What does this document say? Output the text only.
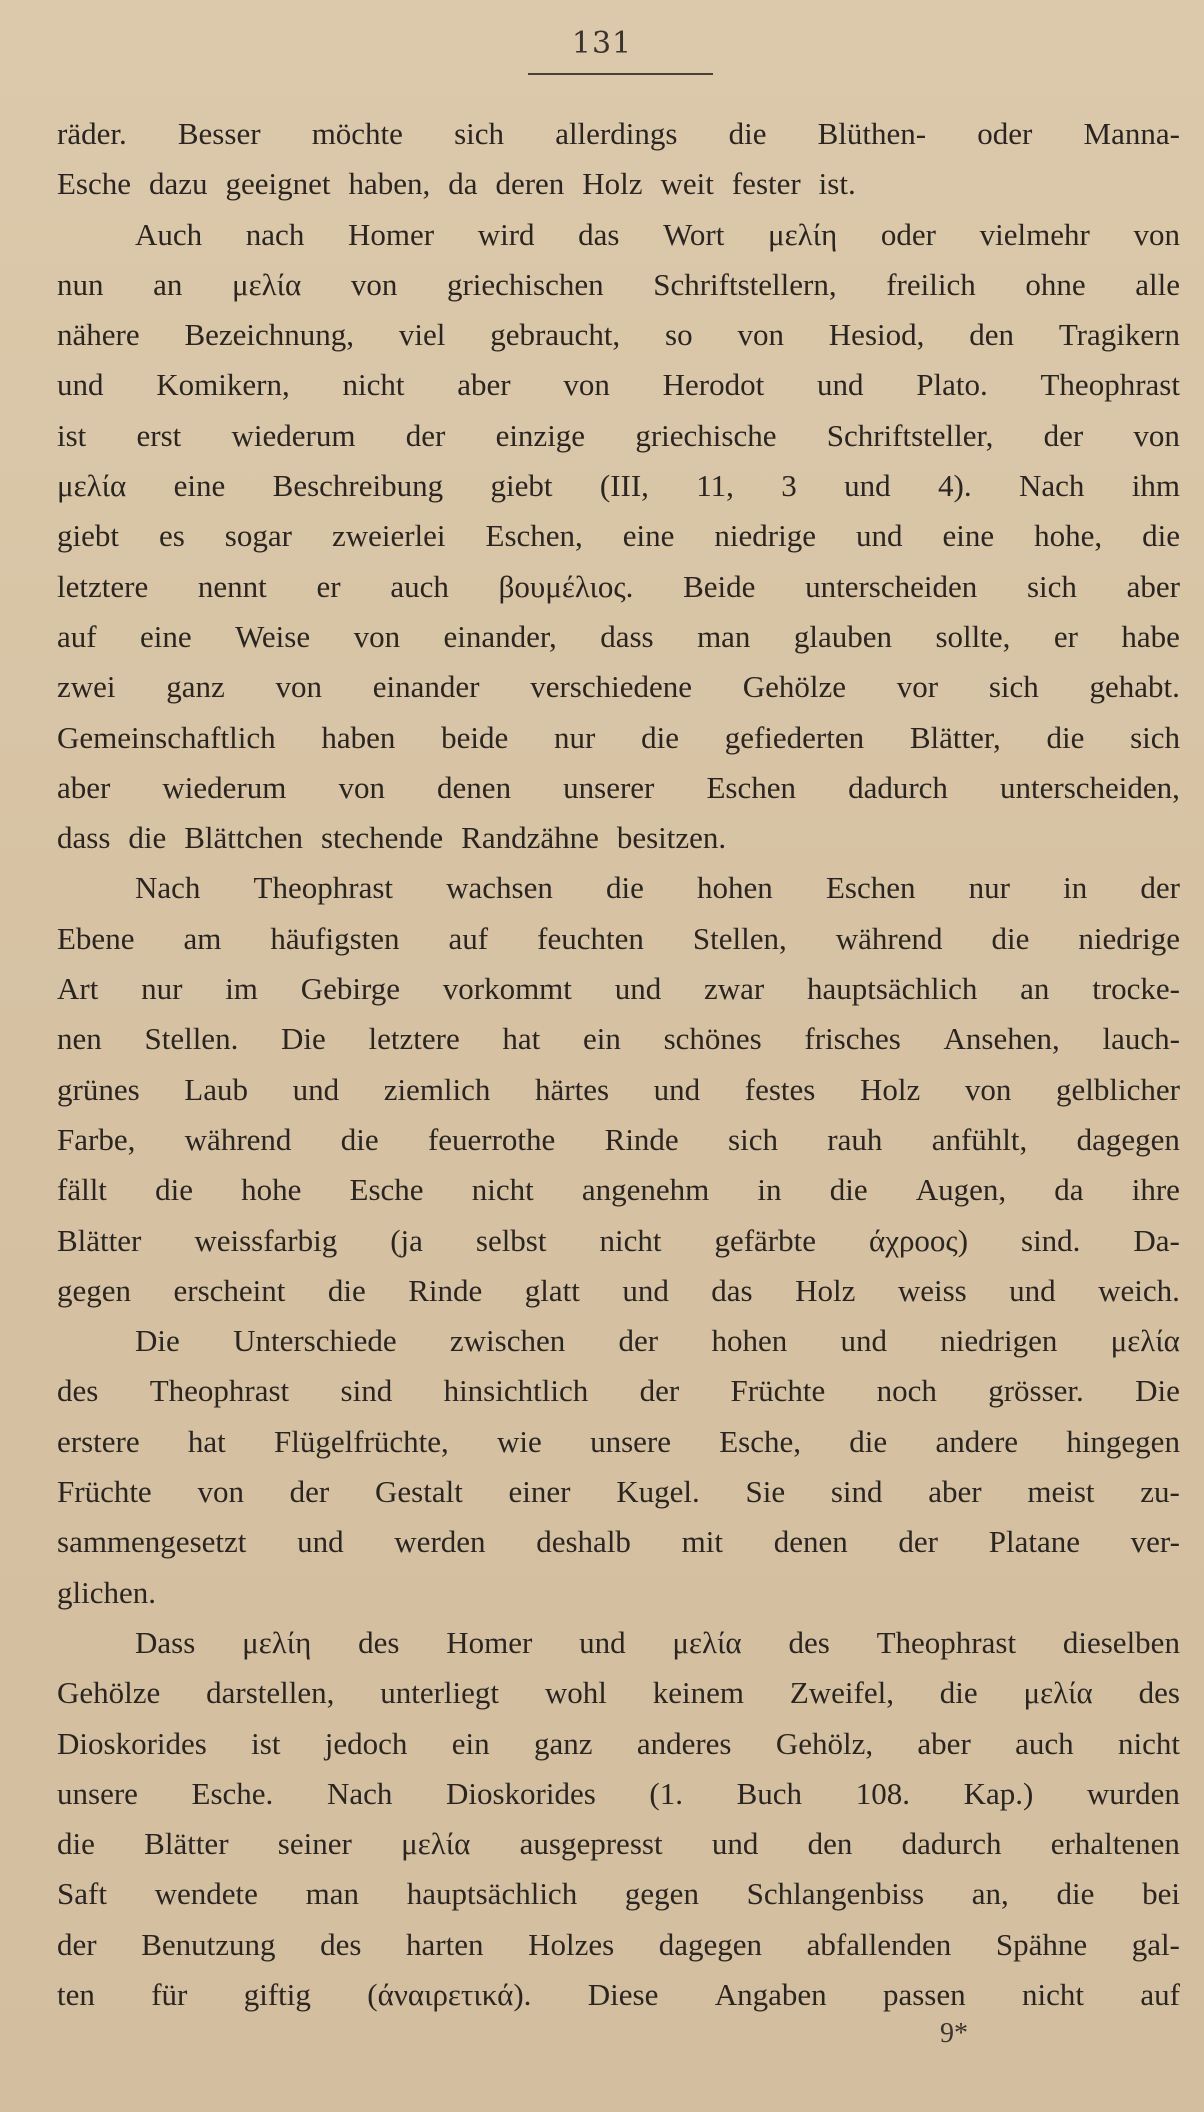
131
räder. Besser möchte sich allerdings die Blüthen- oder Manna-
Esche dazu geeignet haben, da deren Holz weit fester ist.
Auch nach Homer wird das Wort μελίη oder vielmehr von
nun an μελία von griechischen Schriftstellern, freilich ohne alle
nähere Bezeichnung, viel gebraucht, so von Hesiod, den Tragikern
und Komikern, nicht aber von Herodot und Plato. Theophrast
ist erst wiederum der einzige griechische Schriftsteller, der von
μελία eine Beschreibung giebt (III, 11, 3 und 4). Nach ihm
giebt es sogar zweierlei Eschen, eine niedrige und eine hohe, die
letztere nennt er auch βουμέλιος. Beide unterscheiden sich aber
auf eine Weise von einander, dass man glauben sollte, er habe
zwei ganz von einander verschiedene Gehölze vor sich gehabt.
Gemeinschaftlich haben beide nur die gefiederten Blätter, die sich
aber wiederum von denen unserer Eschen dadurch unterscheiden,
dass die Blättchen stechende Randzähne besitzen.
Nach Theophrast wachsen die hohen Eschen nur in der
Ebene am häufigsten auf feuchten Stellen, während die niedrige
Art nur im Gebirge vorkommt und zwar hauptsächlich an trocke-
nen Stellen. Die letztere hat ein schönes frisches Ansehen, lauch-
grünes Laub und ziemlich härtes und festes Holz von gelblicher
Farbe, während die feuerrothe Rinde sich rauh anfühlt, dagegen
fällt die hohe Esche nicht angenehm in die Augen, da ihre
Blätter weissfarbig (ja selbst nicht gefärbte άχροος) sind. Da-
gegen erscheint die Rinde glatt und das Holz weiss und weich.
Die Unterschiede zwischen der hohen und niedrigen μελία
des Theophrast sind hinsichtlich der Früchte noch grösser. Die
erstere hat Flügelfrüchte, wie unsere Esche, die andere hingegen
Früchte von der Gestalt einer Kugel. Sie sind aber meist zu-
sammengesetzt und werden deshalb mit denen der Platane ver-
glichen.
Dass μελίη des Homer und μελία des Theophrast dieselben
Gehölze darstellen, unterliegt wohl keinem Zweifel, die μελία des
Dioskorides ist jedoch ein ganz anderes Gehölz, aber auch nicht
unsere Esche. Nach Dioskorides (1. Buch 108. Kap.) wurden
die Blätter seiner μελία ausgepresst und den dadurch erhaltenen
Saft wendete man hauptsächlich gegen Schlangenbiss an, die bei
der Benutzung des harten Holzes dagegen abfallenden Spähne gal-
ten für giftig (άναιρετικά). Diese Angaben passen nicht auf
9*
